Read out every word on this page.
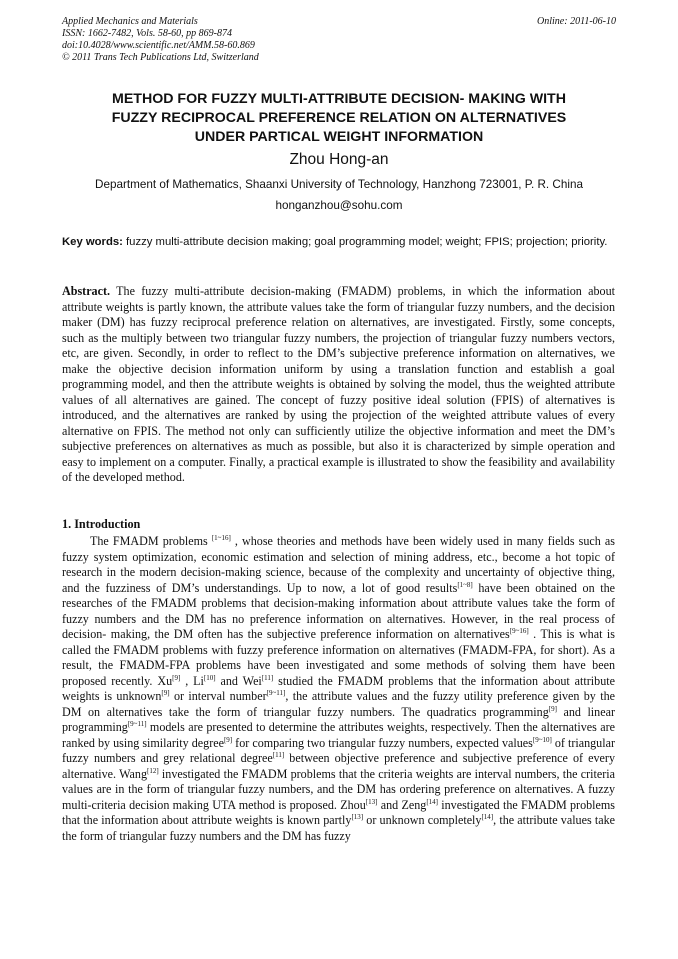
Applied Mechanics and Materials
ISSN: 1662-7482, Vols. 58-60, pp 869-874
doi:10.4028/www.scientific.net/AMM.58-60.869
© 2011 Trans Tech Publications Ltd, Switzerland
Online: 2011-06-10
METHOD FOR FUZZY MULTI-ATTRIBUTE DECISION- MAKING WITH
FUZZY RECIPROCAL PREFERENCE RELATION ON ALTERNATIVES
UNDER PARTICAL WEIGHT INFORMATION
Zhou Hong-an
Department of Mathematics, Shaanxi University of Technology, Hanzhong 723001, P. R. China
honganzhou@sohu.com
Key words: fuzzy multi-attribute decision making; goal programming model; weight; FPIS; projection; priority.
Abstract. The fuzzy multi-attribute decision-making (FMADM) problems, in which the information about attribute weights is partly known, the attribute values take the form of triangular fuzzy numbers, and the decision maker (DM) has fuzzy reciprocal preference relation on alternatives, are investigated. Firstly, some concepts, such as the multiply between two triangular fuzzy numbers, the projection of triangular fuzzy numbers vectors, etc, are given. Secondly, in order to reflect to the DM’s subjective preference information on alternatives, we make the objective decision information uniform by using a translation function and establish a goal programming model, and then the attribute weights is obtained by solving the model, thus the weighted attribute values of all alternatives are gained. The concept of fuzzy positive ideal solution (FPIS) of alternatives is introduced, and the alternatives are ranked by using the projection of the weighted attribute values of every alternative on FPIS. The method not only can sufficiently utilize the objective information and meet the DM’s subjective preferences on alternatives as much as possible, but also it is characterized by simple operation and easy to implement on a computer. Finally, a practical example is illustrated to show the feasibility and availability of the developed method.
1. Introduction

The FMADM problems [1~16] , whose theories and methods have been widely used in many fields such as fuzzy system optimization, economic estimation and selection of mining address, etc., become a hot topic of research in the modern decision-making science, because of the complexity and uncertainty of objective thing, and the fuzziness of DM’s understandings. Up to now, a lot of good results[1~8] have been obtained on the researches of the FMADM problems that decision-making information about attribute values take the form of fuzzy numbers and the DM has no preference information on alternatives. However, in the real process of decision- making, the DM often has the subjective preference information on alternatives[9~16] . This is what is called the FMADM problems with fuzzy preference information on alternatives (FMADM-FPA, for short). As a result, the FMADM-FPA problems have been investigated and some methods of solving them have been proposed recently. Xu[9] , Li[10] and Wei[11] studied the FMADM problems that the information about attribute weights is unknown[9] or interval number[9~11], the attribute values and the fuzzy utility preference given by the DM on alternatives take the form of triangular fuzzy numbers. The quadratics programming[9] and linear programming[9~11] models are presented to determine the attributes weights, respectively. Then the alternatives are ranked by using similarity degree[9] for comparing two triangular fuzzy numbers, expected values[9~10] of triangular fuzzy numbers and grey relational degree[11] between objective preference and subjective preference of every alternative. Wang[12] investigated the FMADM problems that the criteria weights are interval numbers, the criteria values are in the form of triangular fuzzy numbers, and the DM has ordering preference on alternatives. A fuzzy multi-criteria decision making UTA method is proposed. Zhou[13] and Zeng[14] investigated the FMADM problems that the information about attribute weights is known partly[13] or unknown completely[14], the attribute values take the form of triangular fuzzy numbers and the DM has fuzzy
